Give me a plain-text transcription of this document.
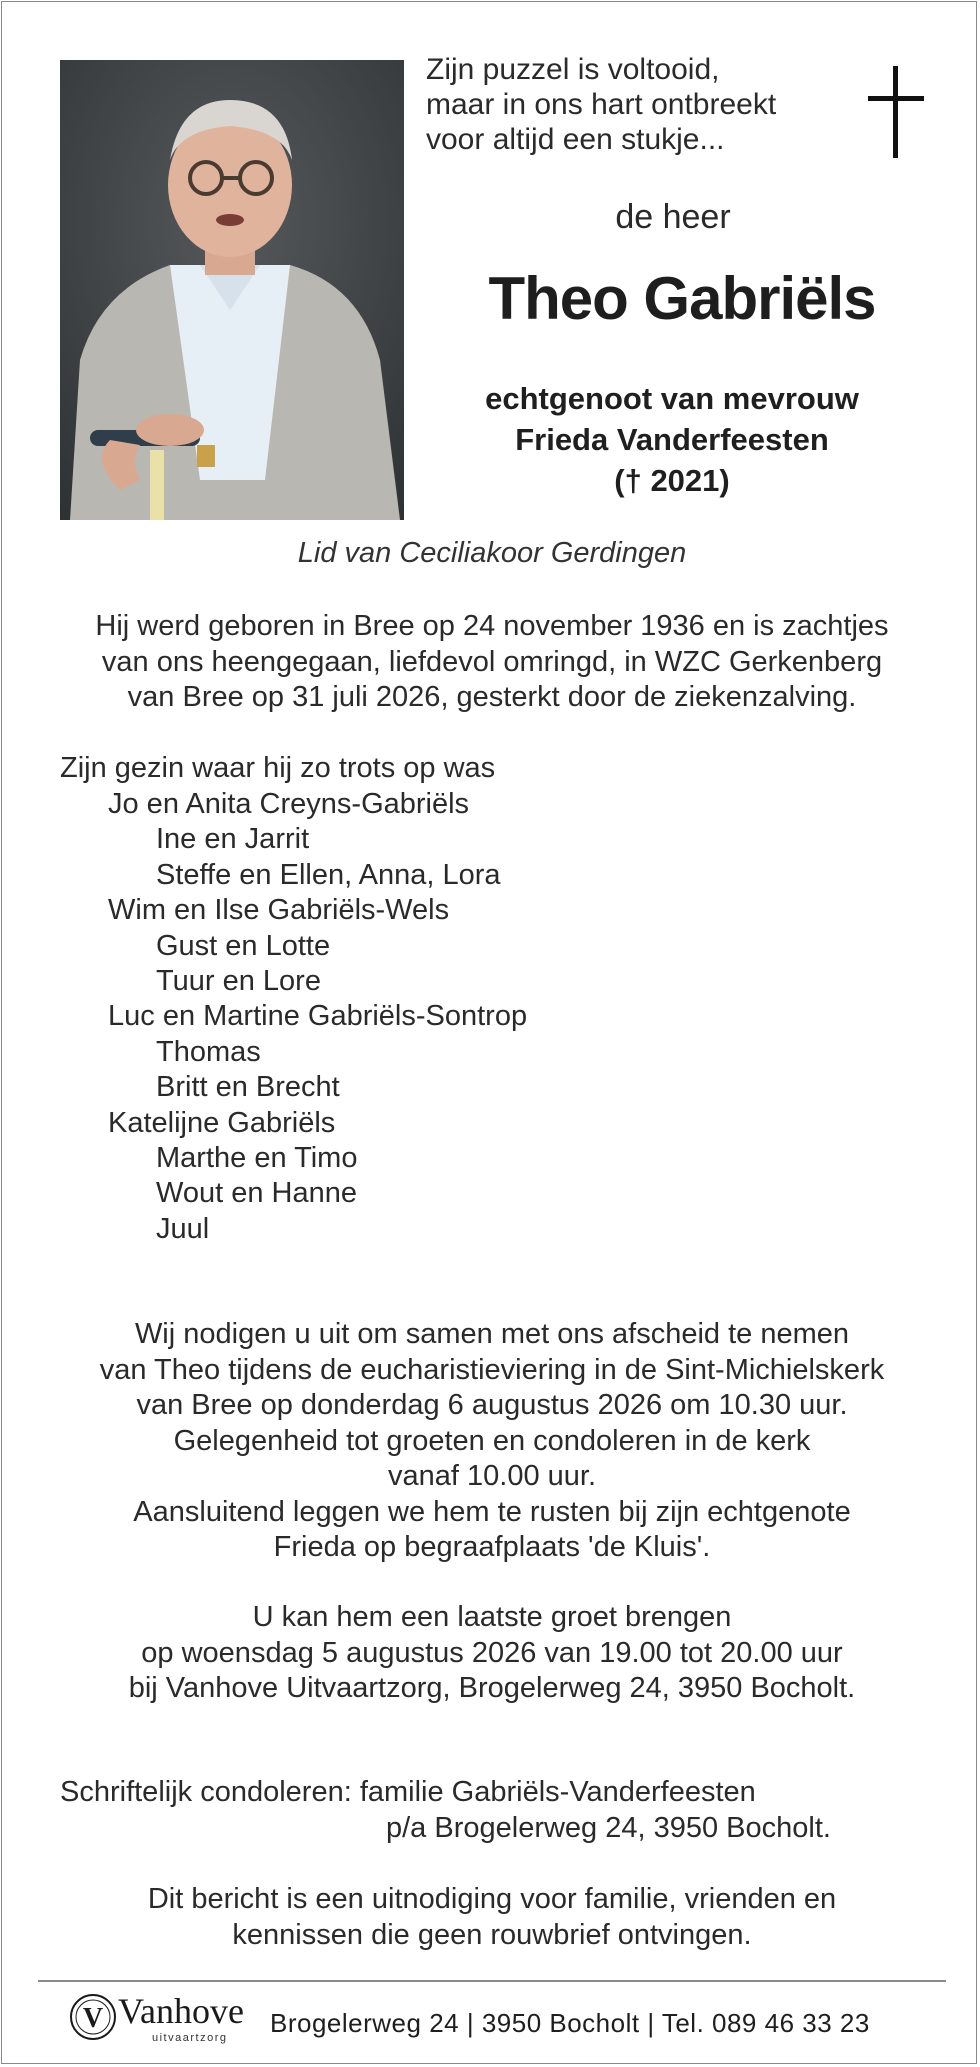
Zijn puzzel is voltooid,
maar in ons hart ontbreekt
voor altijd een stukje...
de heer
Theo Gabriëls
echtgenoot van mevrouw
Frieda Vanderfeesten
(† 2021)
Lid van Ceciliakoor Gerdingen
Hij werd geboren in Bree op 24 november 1936 en is zachtjes
van ons heengegaan, liefdevol omringd, in WZC Gerkenberg
van Bree op 31 juli 2026, gesterkt door de ziekenzalving.
Zijn gezin waar hij zo trots op was
Jo en Anita Creyns-Gabriëls
Ine en Jarrit
Steffe en Ellen, Anna, Lora
Wim en Ilse Gabriëls-Wels
Gust en Lotte
Tuur en Lore
Luc en Martine Gabriëls-Sontrop
Thomas
Britt en Brecht
Katelijne Gabriëls
Marthe en Timo
Wout en Hanne
Juul
Wij nodigen u uit om samen met ons afscheid te nemen
van Theo tijdens de eucharistieviering in de Sint-Michielskerk
van Bree op donderdag 6 augustus 2026 om 10.30 uur.
Gelegenheid tot groeten en condoleren in de kerk
vanaf 10.00 uur.
Aansluitend leggen we hem te rusten bij zijn echtgenote
Frieda op begraafplaats 'de Kluis'.
U kan hem een laatste groet brengen
op woensdag 5 augustus 2026 van 19.00 tot 20.00 uur
bij Vanhove Uitvaartzorg, Brogelerweg 24, 3950 Bocholt.
Schriftelijk condoleren: familie Gabriëls-Vanderfeesten
p/a Brogelerweg 24, 3950 Bocholt.
Dit bericht is een uitnodiging voor familie, vrienden en
kennissen die geen rouwbrief ontvingen.
V Vanhove
uitvaartzorg Brogelerweg 24 | 3950 Bocholt | Tel. 089 46 33 23
